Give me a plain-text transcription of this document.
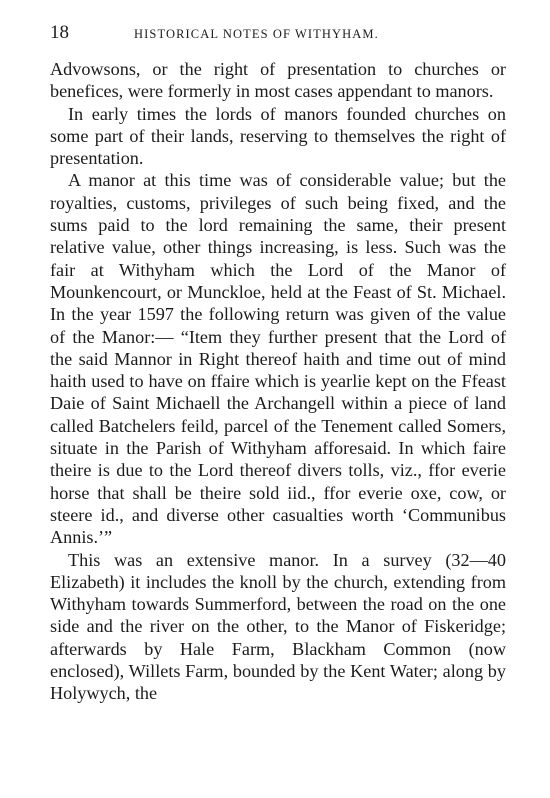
18	HISTORICAL NOTES OF WITHYHAM.

Advowsons, or the right of presentation to churches or benefices, were formerly in most cases appendant to manors.

In early times the lords of manors founded churches on some part of their lands, reserving to themselves the right of presentation.

A manor at this time was of considerable value; but the royalties, customs, privileges of such being fixed, and the sums paid to the lord remaining the same, their present relative value, other things increasing, is less. Such was the fair at Withyham which the Lord of the Manor of Mounkencourt, or Munckloe, held at the Feast of St. Michael. In the year 1597 the following return was given of the value of the Manor:— “Item they further present that the Lord of the said Mannor in Right thereof haith and time out of mind haith used to have on ffaire which is yearlie kept on the Ffeast Daie of Saint Michaell the Archangell within a piece of land called Batchelers feild, parcel of the Tenement called Somers, situate in the Parish of Withyham afforesaid. In which faire theire is due to the Lord thereof divers tolls, viz., ffor everie horse that shall be theire sold iid., ffor everie oxe, cow, or steere id., and diverse other casualties worth ‘Communibus Annis.’”

This was an extensive manor. In a survey (32—40 Elizabeth) it includes the knoll by the church, extending from Withyham towards Summerford, between the road on the one side and the river on the other, to the Manor of Fiskeridge; afterwards by Hale Farm, Blackham Common (now enclosed), Willets Farm, bounded by the Kent Water; along by Holywych, the
